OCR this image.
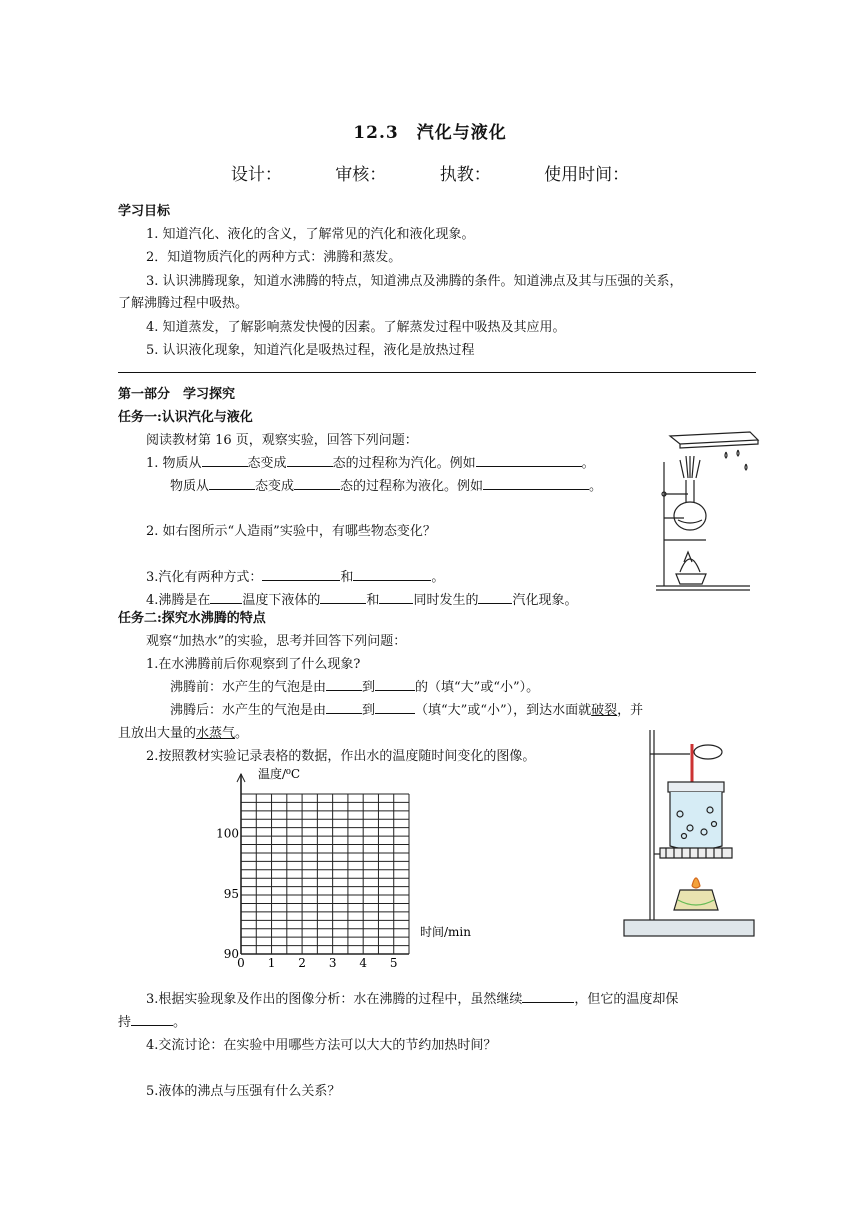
12.3　汽化与液化
设计：	审核：	执教：	使用时间：
学习目标
1. 知道汽化、液化的含义，了解常见的汽化和液化现象。
2．知道物质汽化的两种方式：沸腾和蒸发。
3. 认识沸腾现象，知道水沸腾的特点，知道沸点及沸腾的条件。知道沸点及其与压强的关系，
了解沸腾过程中吸热。
4. 知道蒸发，了解影响蒸发快慢的因素。了解蒸发过程中吸热及其应用。
5. 认识液化现象，知道汽化是吸热过程，液化是放热过程
第一部分　学习探究
任务一:认识汽化与液化
阅读教材第 16 页，观察实验，回答下列问题：
1. 物质从	态变成	态的过程称为汽化。例如	。
物质从	态变成	态的过程称为液化。例如	。
2. 如右图所示“人造雨”实验中，有哪些物态变化？
3.汽化有两种方式：	和	。
4.沸腾是在 温度下液体的	和	同时发生的	汽化现象。
任务二:探究水沸腾的特点
观察“加热水”的实验，思考并回答下列问题：
1.在水沸腾前后你观察到了什么现象?
沸腾前：水产生的气泡是由	到	的（填“大”或“小”）。
沸腾后：水产生的气泡是由	到	（填“大”或“小”），到达水面就破裂，并
且放出大量的水蒸气。
2.按照教材实验记录表格的数据，作出水的温度随时间变化的图像。
温度/⁰C
时间/min
90
95
100
0 1 2 3 4 5
3.根据实验现象及作出的图像分析：水在沸腾的过程中，虽然继续	，但它的温度却保
持	。
4.交流讨论：在实验中用哪些方法可以大大的节约加热时间？
5.液体的沸点与压强有什么关系？
